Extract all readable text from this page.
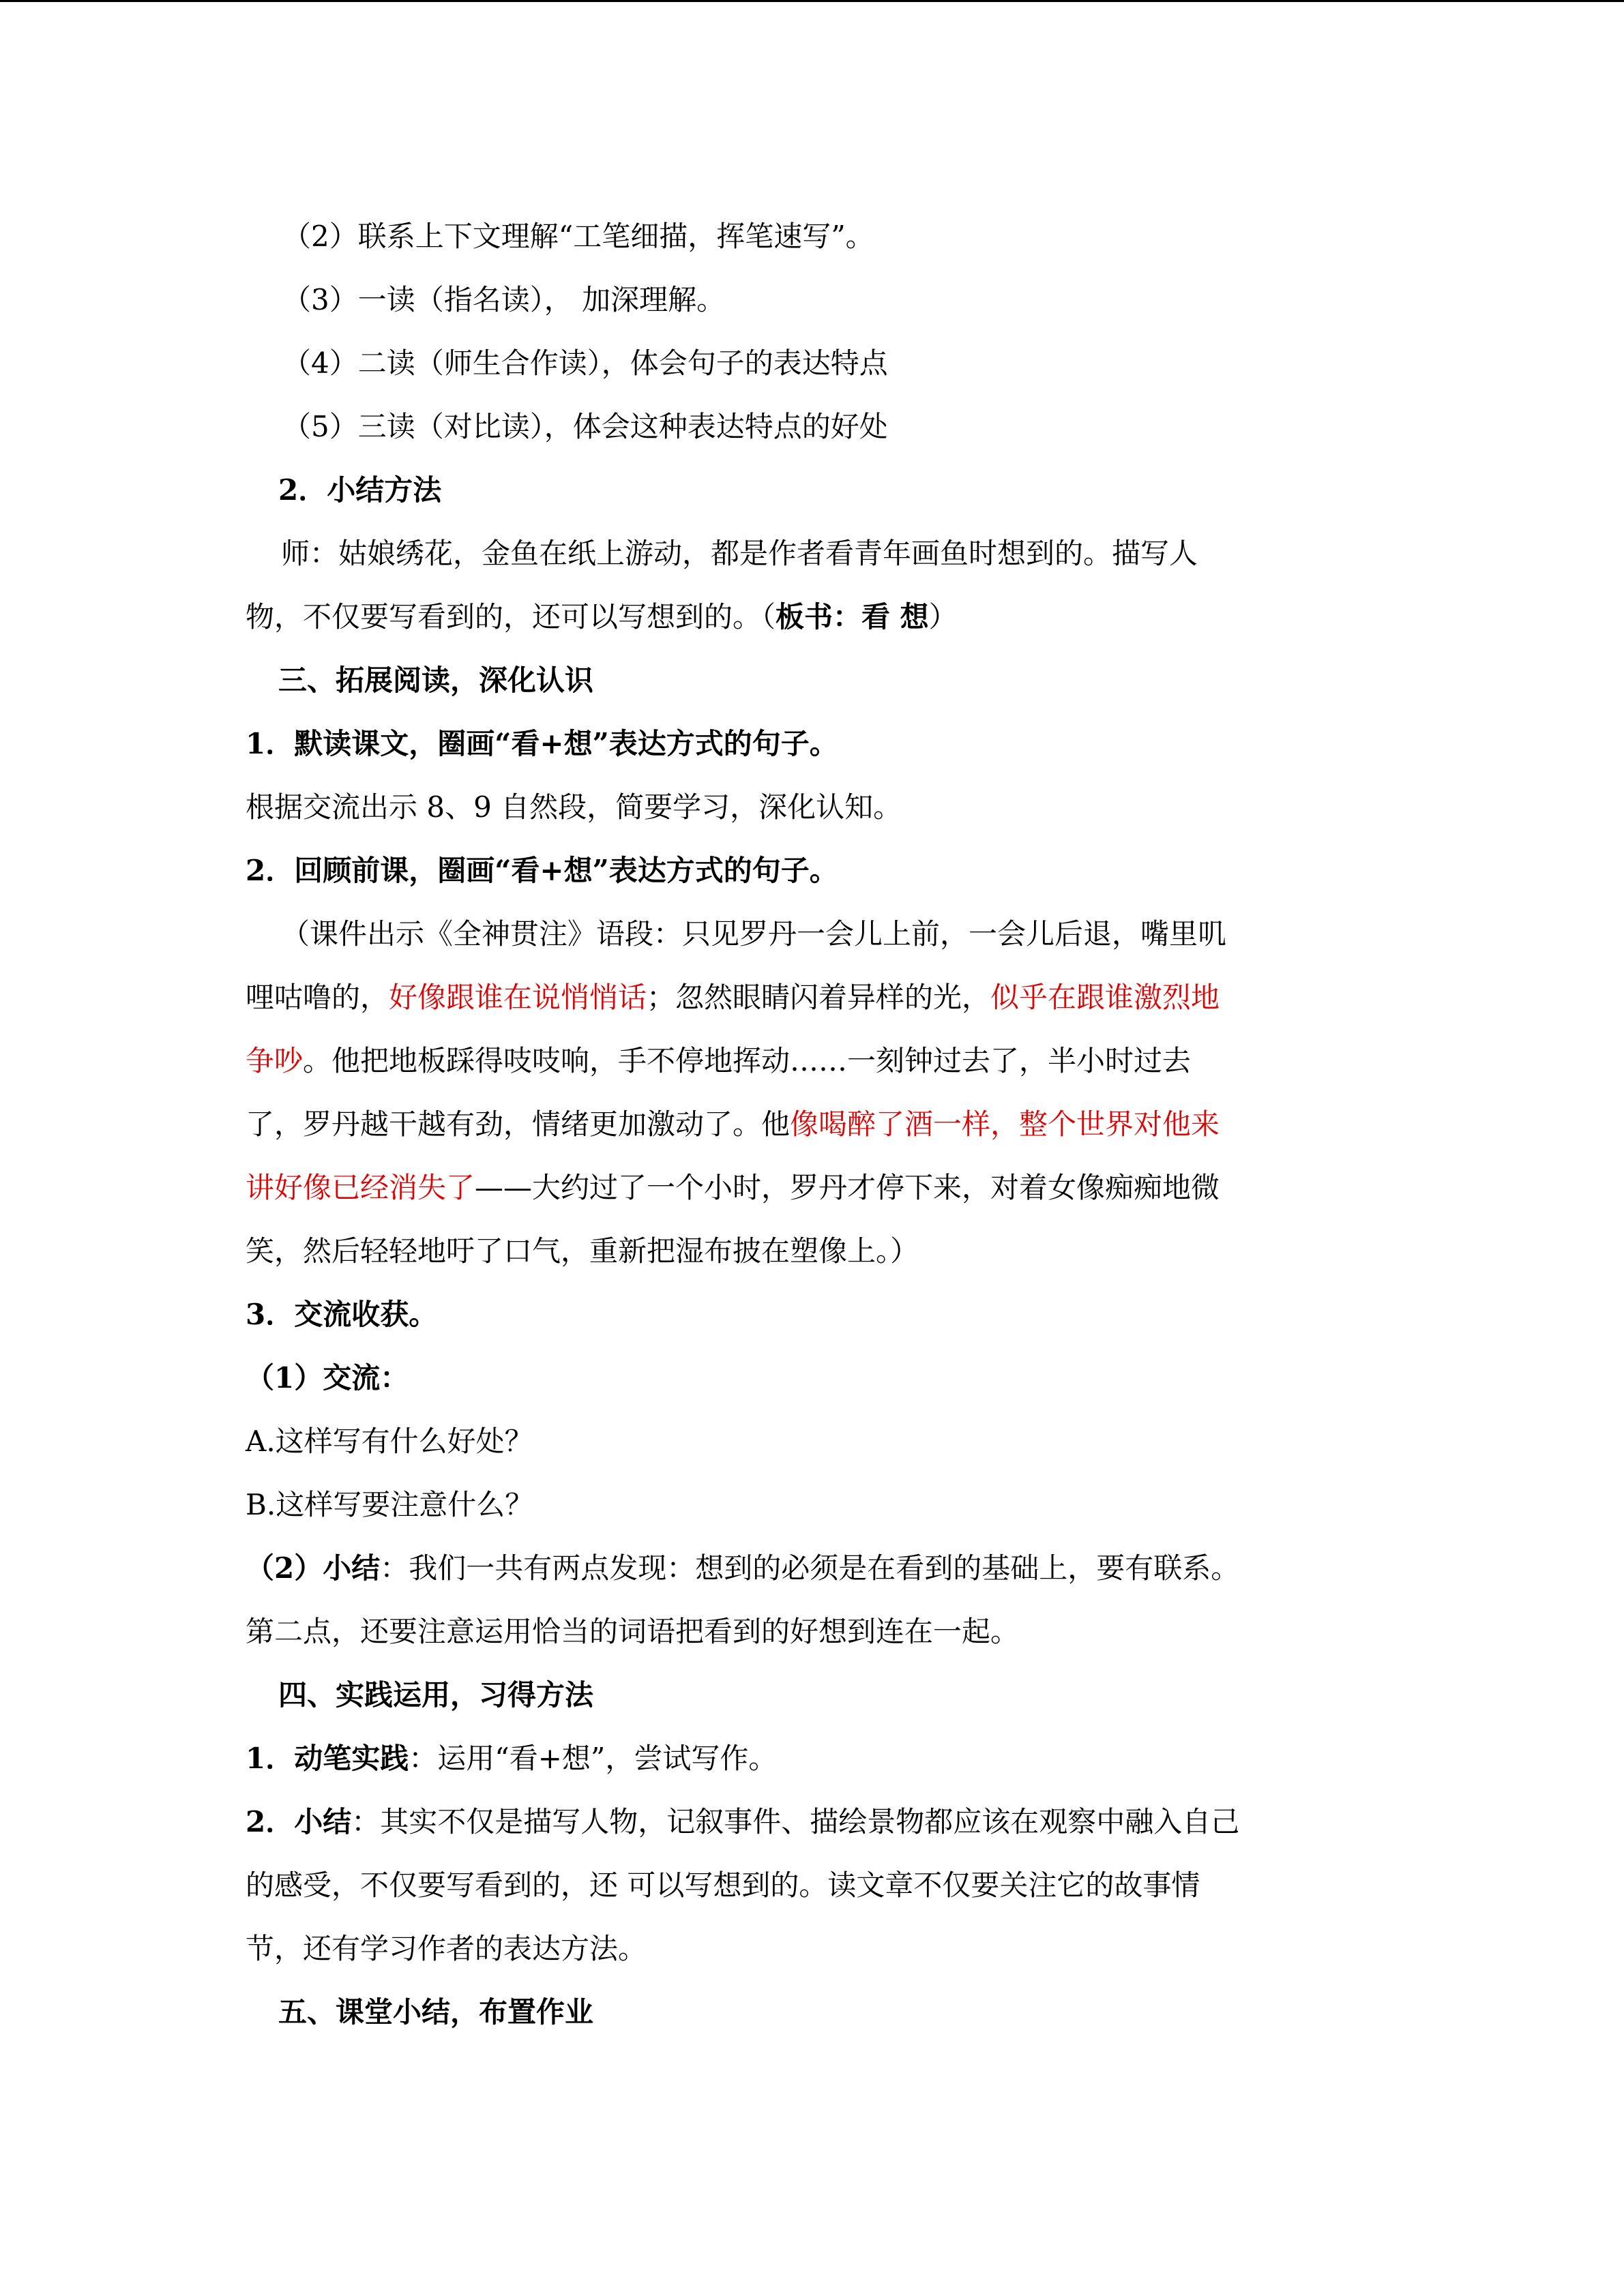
（2）联系上下文理解“工笔细描，挥笔速写”。
（3）一读（指名读）， 加深理解。
（4）二读（师生合作读），体会句子的表达特点
（5）三读（对比读），体会这种表达特点的好处
2．小结方法
师：姑娘绣花，金鱼在纸上游动，都是作者看青年画鱼时想到的。描写人
物，不仅要写看到的，还可以写想到的。（板书：看 想）
三、拓展阅读，深化认识
1．默读课文，圈画“看+想”表达方式的句子。
根据交流出示 8、9 自然段，简要学习，深化认知。
2．回顾前课，圈画“看+想”表达方式的句子。
（课件出示《全神贯注》语段：只见罗丹一会儿上前，一会儿后退，嘴里叽
哩咕噜的，好像跟谁在说悄悄话；忽然眼睛闪着异样的光，似乎在跟谁激烈地
争吵。他把地板踩得吱吱响，手不停地挥动……一刻钟过去了，半小时过去
了，罗丹越干越有劲，情绪更加激动了。他像喝醉了酒一样，整个世界对他来
讲好像已经消失了——大约过了一个小时，罗丹才停下来，对着女像痴痴地微
笑，然后轻轻地吁了口气，重新把湿布披在塑像上。）
3．交流收获。
（1）交流：
A.这样写有什么好处？
B.这样写要注意什么？
（2）小结：我们一共有两点发现：想到的必须是在看到的基础上，要有联系。
第二点，还要注意运用恰当的词语把看到的好想到连在一起。
四、实践运用，习得方法
1．动笔实践：运用“看+想”，尝试写作。
2．小结：其实不仅是描写人物，记叙事件、描绘景物都应该在观察中融入自己
的感受，不仅要写看到的，还 可以写想到的。读文章不仅要关注它的故事情
节，还有学习作者的表达方法。
五、课堂小结，布置作业
